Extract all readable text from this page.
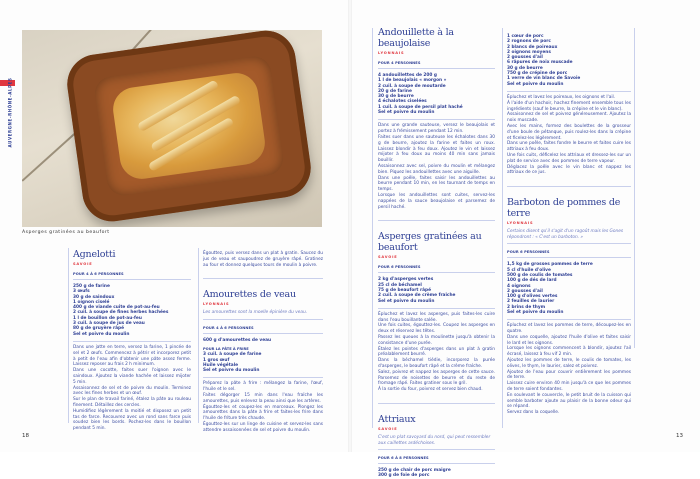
AUVERGNE-RHÔNE-ALPES
Asperges gratinées au beaufort
Agnelotti
SAVOIE
POUR 4 À 6 PERSONNES
250 g de farine
3 œufs
30 g de saindoux
1 oignon ciselé
400 g de viande cuite de pot-au-feu
2 cuil. à soupe de fines herbes hachées
1 l de bouillon de pot-au-feu
3 cuil. à soupe de jus de veau
80 g de gruyère râpé
Sel et poivre du moulin

Dans une jatte en terre, versez la farine, 1 pincée de sel et 2 œufs. Commencez à pétrir et incorporez petit à petit de l'eau afin d'obtenir une pâte assez ferme. Laissez reposer au frais 2 h minimum.

Dans une cocotte, faites suer l'oignon avec le saindoux. Ajoutez la viande hachée et laissez mijoter 5 min.

Assaisonnez de sel et de poivre du moulin. Terminez avec les fines herbes et un œuf.

Sur le plan de travail fariné, étalez la pâte au rouleau finement. Détaillez des cercles.

Humidifiez légèrement la moitié et disposez un petit tas de farce. Recouvrez avec un rond sans farce puis soudez bien les bords. Pochez-les dans le bouillon pendant 5 min.

Égouttez, puis versez dans un plat à gratin. Saucez du jus de veau et saupoudrez de gruyère râpé. Gratinez au four et donnez quelques tours de moulin à poivre.

Amourettes de veau
LYONNAIS
Les amourettes sont la moelle épinière du veau.
POUR 4 À 6 PERSONNES
600 g d'amourettes de veau
POUR LA PÂTE À FRIRE
3 cuil. à soupe de farine
1 gros œuf
Huile végétale
Sel et poivre du moulin

Préparez la pâte à frire : mélangez la farine, l'œuf, l'huile et le sel.

Faites dégorger 15 min dans l'eau fraîche les amourettes, puis enlevez la peau ainsi que les artères.

Égouttez-les et coupez-les en morceaux. Plongez les amourettes dans la pâte à frire et faites-les frire dans l'huile de friture très chaude.

Égouttez-les sur un linge de cuisine et servez-les sans attendre assaisonnées de sel et poivre du moulin.

18
Andouillette à la beaujolaise
LYONNAIS
POUR 4 PERSONNES
4 andouillettes de 200 g
1 l de beaujolais « morgon »
2 cuil. à soupe de moutarde
20 g de farine
30 g de beurre
4 échalotes ciselées
1 cuil. à soupe de persil plat haché
Sel et poivre du moulin

Dans une grande sauteuse, versez le beaujolais et portez à frémissement pendant 12 min.

Faites suer dans une sauteuse les échalotes dans 30 g de beurre, ajoutez la farine et faites un roux. Laissez blondir à feu doux. Ajoutez le vin et laissez mijoter à feu doux au moins 40 min sans jamais bouillir.

Assaisonnez avec sel, poivre du moulin et mélangez bien. Piquez les andouillettes avec une aiguille.

Dans une poêle, faites saisir les andouillettes au beurre pendant 10 min, en les tournant de temps en temps.

Lorsque les andouillettes sont cuites, servez-les nappées de la sauce beaujolaise et parsemez de persil haché.

Asperges gratinées au beaufort
SAVOIE
POUR 6 PERSONNES
2 kg d'asperges vertes
25 cl de béchamel
75 g de beaufort râpé
2 cuil. à soupe de crème fraîche
Sel et poivre du moulin

Épluchez et lavez les asperges, puis faites-les cuire dans l'eau bouillante salée.

Une fois cuites, égouttez-les. Coupez les asperges en deux et réservez les têtes.

Passez les queues à la moulinette jusqu'à obtenir la consistance d'une purée.

Étalez les pointes d'asperges dans un plat à gratin préalablement beurré.

Dans la béchamel tiédie, incorporez la purée d'asperges, le beaufort râpé et la crème fraîche.

Salez, poivrez et nappez les asperges de cette sauce. Parsemez de noisettes de beurre et du reste de fromage râpé. Faites gratiner sous le gril.

À la sortie du four, poivrez et servez bien chaud.

Attriaux
SAVOIE
C'est un plat savoyard du nord, qui peut ressembler aux caillettes ardéchoises.
POUR 6 À 8 PERSONNES
250 g de chair de porc maigre
300 g de foie de porc
1 cœur de porc
2 rognons de porc
2 blancs de poireaux
2 oignons moyens
2 gousses d'ail
6 râpures de noix muscade
30 g de beurre
750 g de crépine de porc
1 verre de vin blanc de Savoie
Sel et poivre du moulin

Épluchez et lavez les poireaux, les oignons et l'ail.

À l'aide d'un hachoir, hachez finement ensemble tous les ingrédients (sauf le beurre, la crépine et le vin blanc).

Assaisonnez de sel et poivrez généreusement. Ajoutez la noix muscade.

Avec les mains, formez des boulettes de la grosseur d'une boule de pétanque, puis roulez-les dans la crépine et ficelez-les légèrement.

Dans une poêle, faites fondre le beurre et faites cuire les attriaux à feu doux.

Une fois cuits, déficelez les attriaux et dressez-les sur un plat de service avec des pommes de terre vapeur.

Déglacez la poêle avec le vin blanc et nappez les attriaux de ce jus.

Barboton de pommes de terre
LYONNAIS
Certains disent qu'il s'agit d'un ragoût mais les Gones répondront : « C'est un barboton. »
POUR 6 PERSONNES
1,5 kg de grosses pommes de terre
5 cl d'huile d'olive
500 g de coulis de tomates
100 g de dés de lard
4 oignons
2 gousses d'ail
100 g d'olives vertes
2 feuilles de laurier
2 brins de thym
Sel et poivre du moulin

Épluchez et lavez les pommes de terre, découpez-les en quatre.

Dans une coquelle, ajoutez l'huile d'olive et faites saisir le lard et les oignons.

Lorsque les oignons commencent à blondir, ajoutez l'ail écrasé, laissez à feu vif 2 min.

Ajoutez les pommes de terre, le coulis de tomates, les olives, le thym, le laurier, salez et poivrez.

Ajoutez de l'eau pour couvrir entièrement les pommes de terre.

Laissez cuire environ 40 min jusqu'à ce que les pommes de terre soient fondantes.

En soulevant le couvercle, le petit bruit de la cuisson qui semble barboter ajoute au plaisir de la bonne odeur qui se répand.

Servez dans la coquelle.

13
